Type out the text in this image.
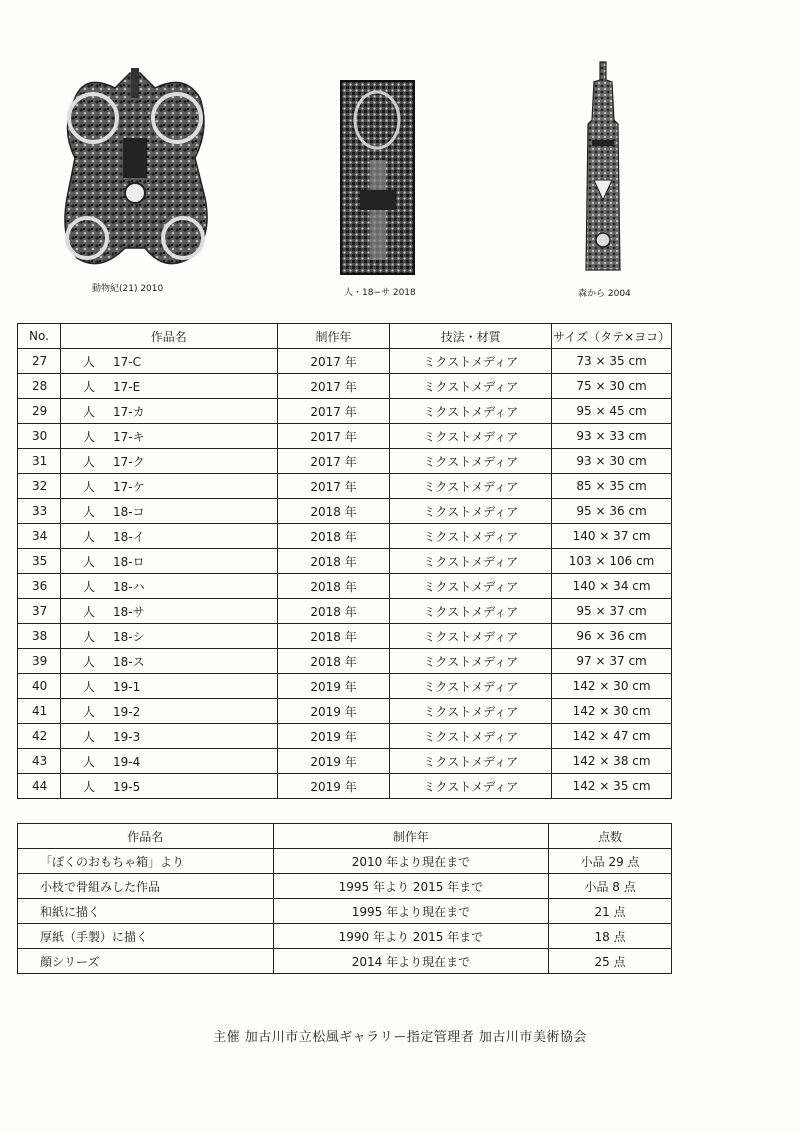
動物紀(21) 2010	人・18−サ 2018	森から 2004
No.	作品名	制作年	技法・材質	サイズ（タテ×ヨコ）
27	人 17-C	2017 年	ミクストメディア	73 × 35 cm
28	人 17-E	2017 年	ミクストメディア	75 × 30 cm
29	人 17-カ	2017 年	ミクストメディア	95 × 45 cm
30	人 17-キ	2017 年	ミクストメディア	93 × 33 cm
31	人 17-ク	2017 年	ミクストメディア	93 × 30 cm
32	人 17-ケ	2017 年	ミクストメディア	85 × 35 cm
33	人 18-コ	2018 年	ミクストメディア	95 × 36 cm
34	人 18-イ	2018 年	ミクストメディア	140 × 37 cm
35	人 18-ロ	2018 年	ミクストメディア	103 × 106 cm
36	人 18-ハ	2018 年	ミクストメディア	140 × 34 cm
37	人 18-サ	2018 年	ミクストメディア	95 × 37 cm
38	人 18-シ	2018 年	ミクストメディア	96 × 36 cm
39	人 18-ス	2018 年	ミクストメディア	97 × 37 cm
40	人 19-1	2019 年	ミクストメディア	142 × 30 cm
41	人 19-2	2019 年	ミクストメディア	142 × 30 cm
42	人 19-3	2019 年	ミクストメディア	142 × 47 cm
43	人 19-4	2019 年	ミクストメディア	142 × 38 cm
44	人 19-5	2019 年	ミクストメディア	142 × 35 cm
作品名	制作年	点数
「ぼくのおもちゃ箱」より	2010 年より現在まで	小品 29 点
小枝で骨組みした作品	1995 年より 2015 年まで	小品 8 点
和紙に描く	1995 年より現在まで	21 点
厚紙（手製）に描く	1990 年より 2015 年まで	18 点
顔シリーズ	2014 年より現在まで	25 点
主催 加古川市立松風ギャラリー指定管理者 加古川市美術協会
